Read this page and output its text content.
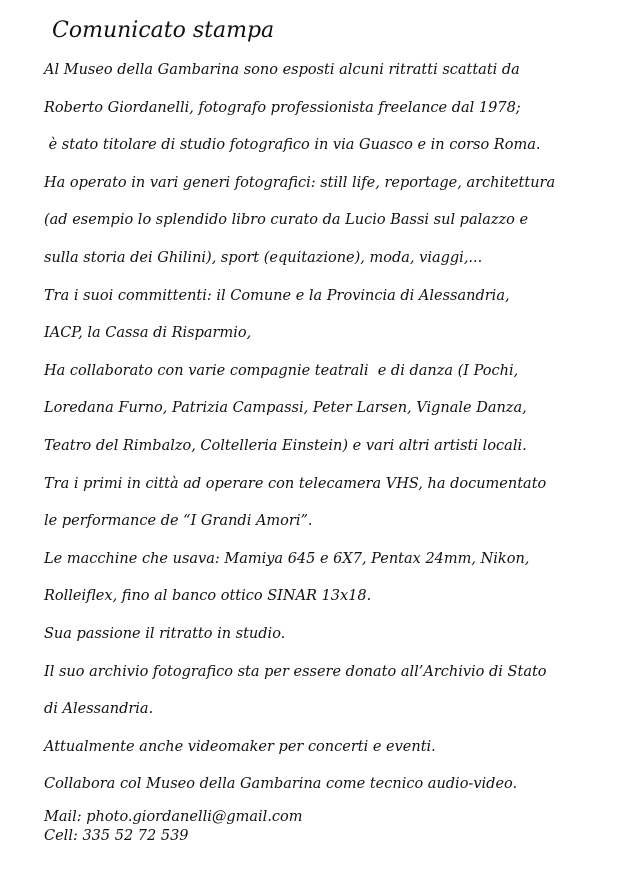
Comunicato stampa
Al Museo della Gambarina sono esposti alcuni ritratti scattati da
Roberto Giordanelli, fotografo professionista freelance dal 1978;
è stato titolare di studio fotografico in via Guasco e in corso Roma.
Ha operato in vari generi fotografici: still life, reportage, architettura
(ad esempio lo splendido libro curato da Lucio Bassi sul palazzo e
sulla storia dei Ghilini), sport (equitazione), moda, viaggi,...
Tra i suoi committenti: il Comune e la Provincia di Alessandria,
IACP, la Cassa di Risparmio,
Ha collaborato con varie compagnie teatrali  e di danza (I Pochi,
Loredana Furno, Patrizia Campassi, Peter Larsen, Vignale Danza,
Teatro del Rimbalzo, Coltelleria Einstein) e vari altri artisti locali.
Tra i primi in città ad operare con telecamera VHS, ha documentato
le performance de “I Grandi Amori”.
Le macchine che usava: Mamiya 645 e 6X7, Pentax 24mm, Nikon,
Rolleiflex, fino al banco ottico SINAR 13x18.
Sua passione il ritratto in studio.
Il suo archivio fotografico sta per essere donato all’Archivio di Stato
di Alessandria.
Attualmente anche videomaker per concerti e eventi.
Collabora col Museo della Gambarina come tecnico audio-video.
Mail: photo.giordanelli@gmail.com
Cell: 335 52 72 539
